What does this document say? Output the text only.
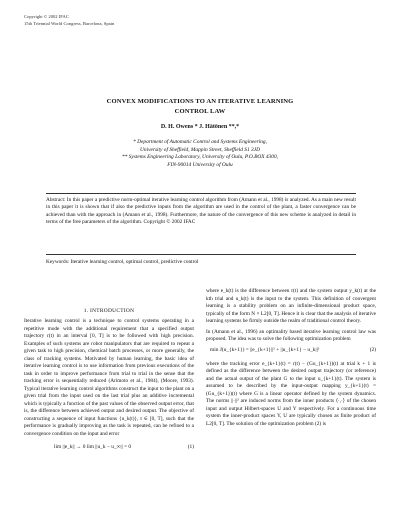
Copyright © 2002 IFAC
15th Triennial World Congress, Barcelona, Spain
CONVEX MODIFICATIONS TO AN ITERATIVE LEARNING
CONTROL LAW
D. H. Owens * J. Hätönen **,*
* Department of Automatic Control and Systems Engineering,
University of Sheffield, Mappin Street, Sheffield S1 3JD
** Systems Engineering Laboratory, University of Oulu, P.O.BOX 4300,
FIN-90014 University of Oulu
Abstract: In this paper a predictive norm-optimal iterative learning control algorithm from (Amann et al., 1998) is analyzed. As a main new result in this paper it is shown that if also the predictive inputs from the algorithm are used in the control of the plant, a faster convergence can be achieved than with the approach in (Amann et al., 1998). Furthermore, the nature of the convergence of this new scheme is analyzed in detail in terms of the free parameters of the algorithm. Copyright © 2002 IFAC
Keywords: Iterative learning control, optimal control, predictive control
1. INTRODUCTION

Iterative learning control is a technique to control systems operating in a repetitive mode with the additional requirement that a specified output trajectory r(t) in an interval [0, T] is to be followed with high precision. Examples of such systems are robot manipulators that are required to repeat a given task to high precision, chemical batch processes, or more generally, the class of tracking systems. Motivated by human learning, the basic idea of iterative learning control is to use information from previous executions of the task in order to improve performance from trial to trial in the sense that the tracking error is sequentially reduced (Arimoto et al., 1984), (Moore, 1993). Typical iterative learning control algorithms construct the input to the plant on a given trial from the input used on the last trial plus an additive incremental which is typically a function of the past values of the observed output error, that is, the difference between achieved output and desired output. The objective of constructing a sequence of input functions {u_k(t)}, t ∈ [0, T], such that the performance is gradually improving as the task is repeated, can be refined to a convergence condition on the input and error

lim ||e_k|| → 0 lim ||u_k − u_∞|| = 0	(1)

where e_k(t) is the difference between r(t) and the system output y_k(t) at the kth trial and u_k(t) is the input to the system. This definition of convergent learning is a stability problem on an infinite-dimensional product space, typically of the form N × L2[0, T]. Hence it is clear that the analysis of iterative learning systems be firmly outside the realm of traditional control theory.

In (Amann et al., 1996) an optimality based iterative learning control law was proposed. The idea was to solve the following optimization problem

min J(u_{k+1}) = ||e_{k+1}||² + ||u_{k+1} − u_k||²	(2)

where the tracking error e_{k+1}(t) = r(t) − (Gu_{k+1})(t) at trial k + 1 is defined as the difference between the desired output trajectory (or reference) and the actual output of the plant G to the input u_{k+1}(t). The system is assumed to be described by the input-output mapping y_{k+1}(t) = (Gu_{k+1})(t) where G is a linear operator defined by the system dynamics. The norms ||·||² are induced norms from the inner products ⟨·,·⟩ of the chosen input and output Hilbert-spaces U and Y respectively. For a continuous time system the inner-product spaces Y, U are typically chosen as finite product of L2[0, T]. The solution of the optimization problem (2) is
